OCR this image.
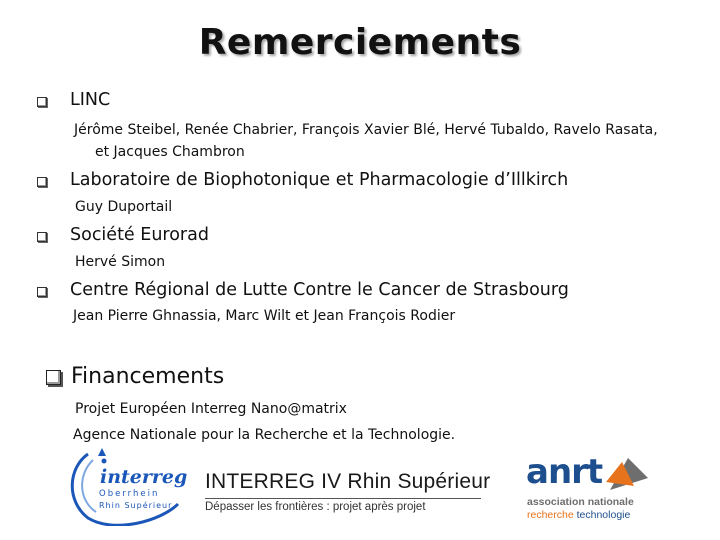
Remerciements
LINC
Jérôme Steibel, Renée Chabrier, François Xavier Blé, Hervé Tubaldo, Ravelo Rasata,
et Jacques Chambron
Laboratoire de Biophotonique et Pharmacologie d’Illkirch
Guy Duportail
Société Eurorad
Hervé Simon
Centre Régional de Lutte Contre le Cancer de Strasbourg
Jean Pierre Ghnassia, Marc Wilt et Jean François Rodier
Financements
Projet Européen Interreg Nano@matrix
Agence Nationale pour la Recherche et la Technologie.
interreg
Oberrhein
Rhin Supérieur
INTERREG IV Rhin Supérieur
Dépasser les frontières : projet après projet
anrt
association nationale
recherche technologie
